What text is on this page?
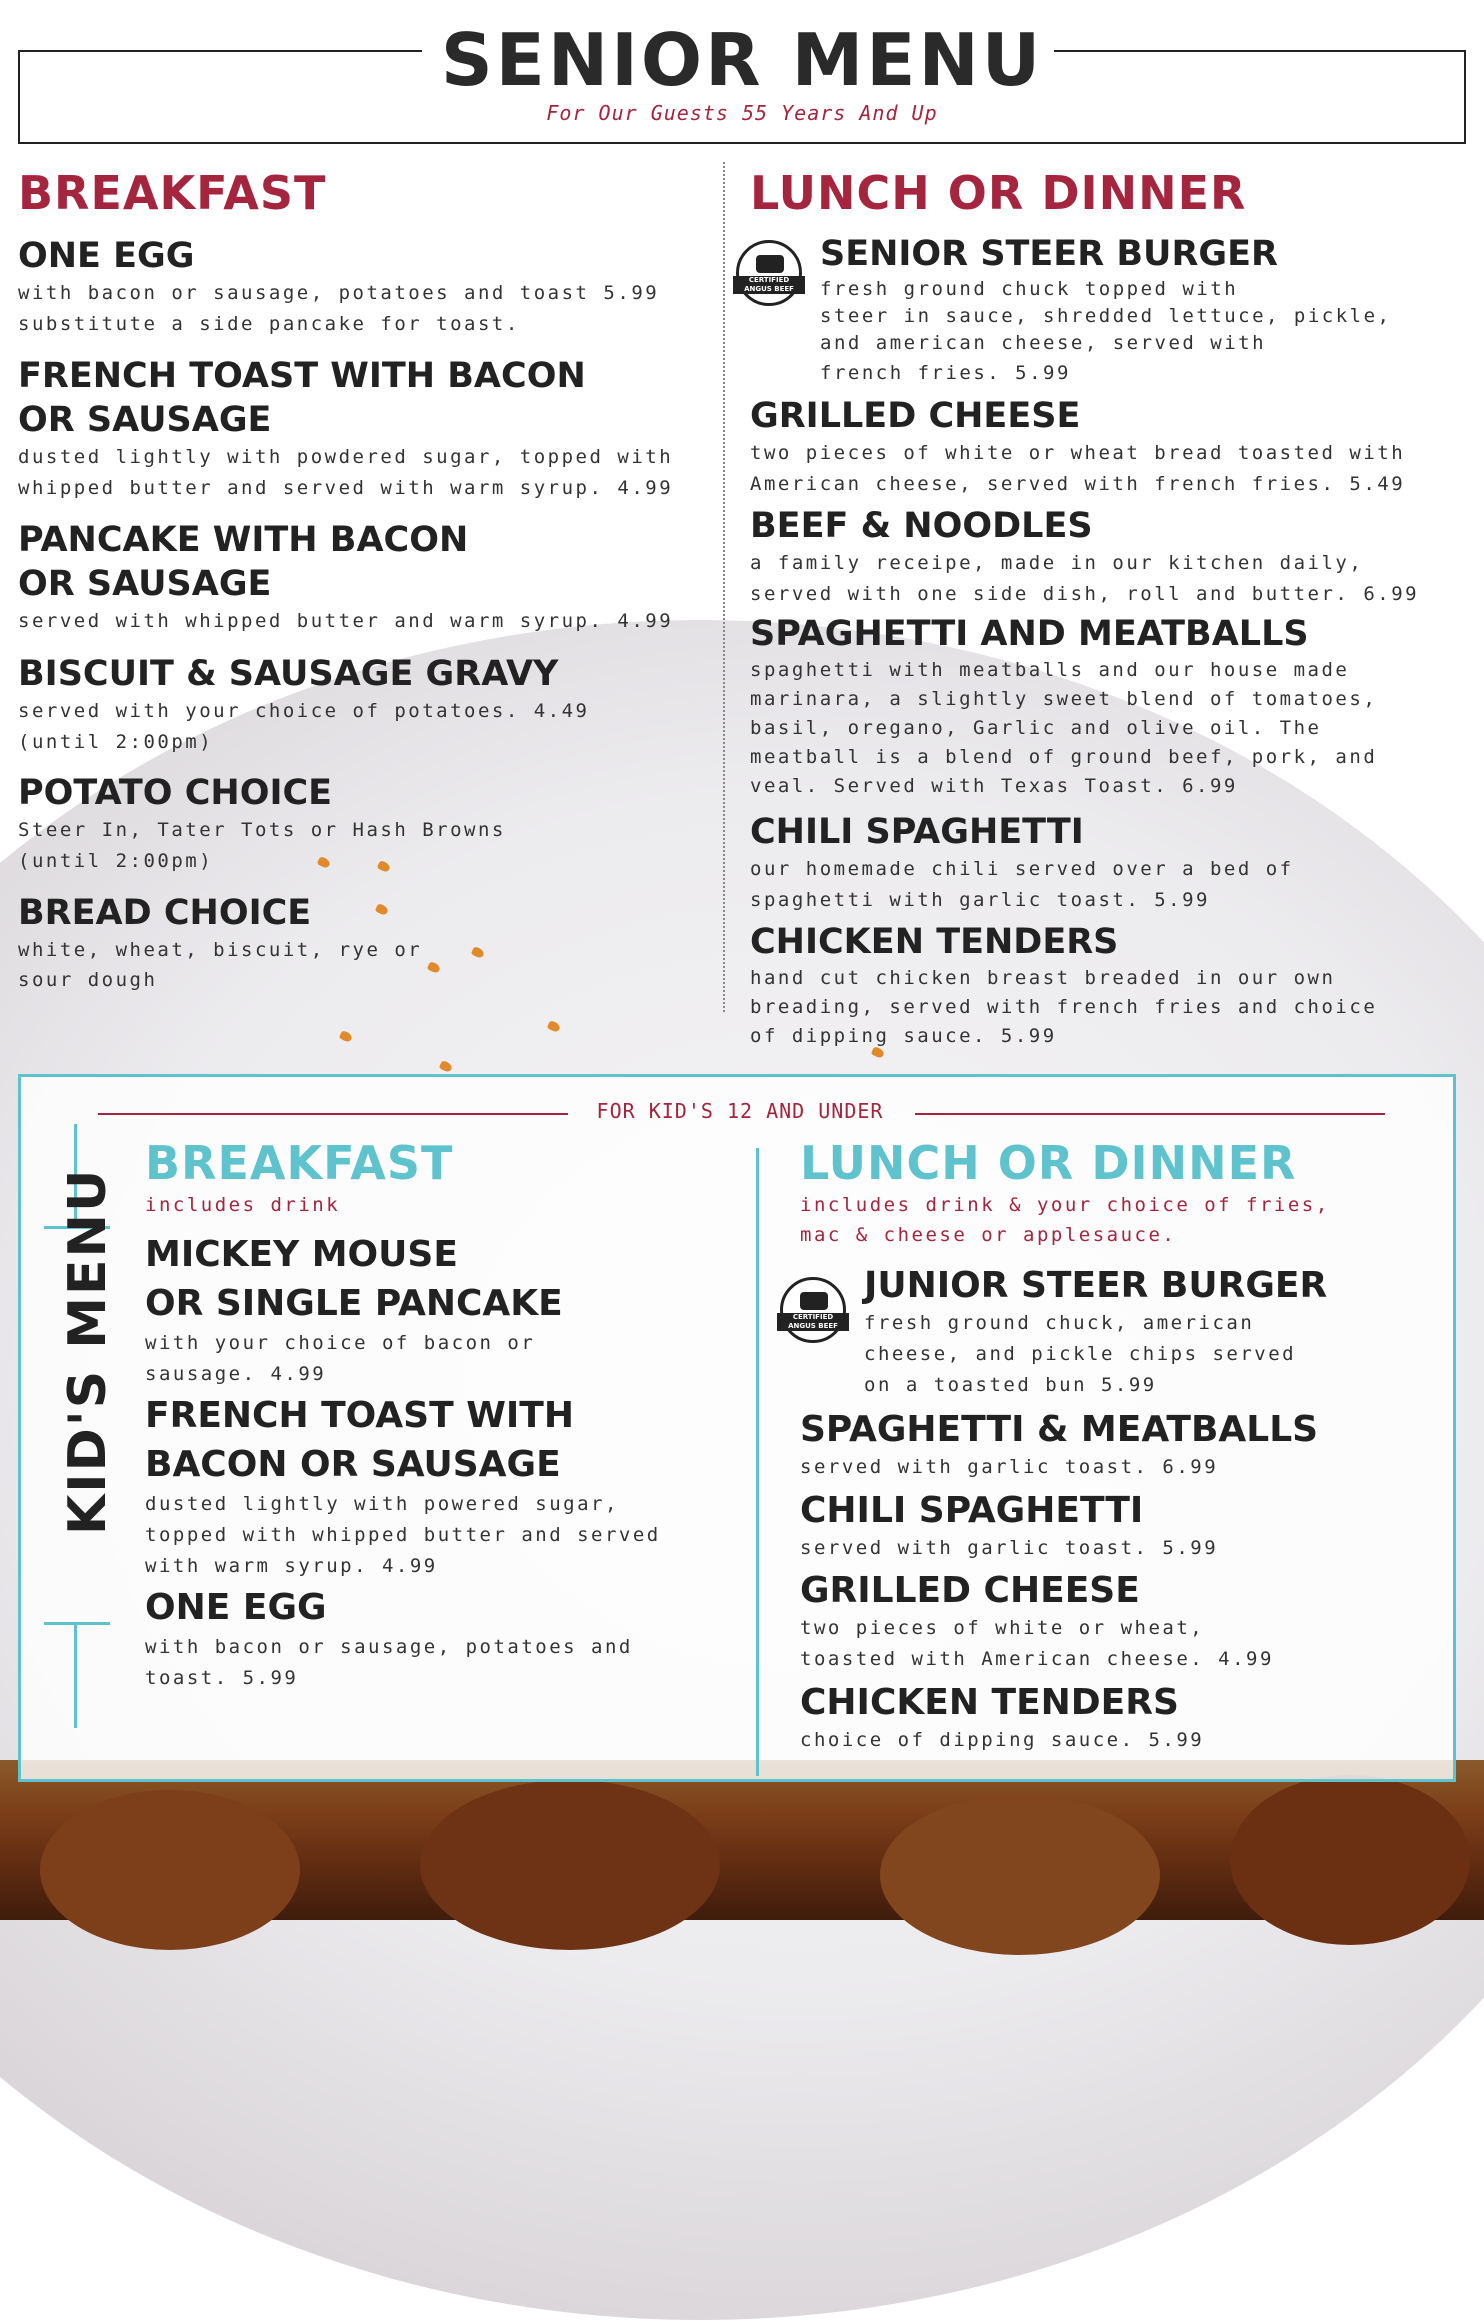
SENIOR MENU
For Our Guests 55 Years And Up
BREAKFAST

ONE EGG

with bacon or sausage, potatoes and toast 5.99

substitute a side pancake for toast.

FRENCH TOAST WITH BACON

OR SAUSAGE

dusted lightly with powdered sugar, topped with

whipped butter and served with warm syrup. 4.99

PANCAKE WITH BACON

OR SAUSAGE

served with whipped butter and warm syrup. 4.99

BISCUIT & SAUSAGE GRAVY

served with your choice of potatoes. 4.49

(until 2:00pm)

POTATO CHOICE

Steer In, Tater Tots or Hash Browns

(until 2:00pm)

BREAD CHOICE

white, wheat, biscuit, rye or

sour dough

LUNCH OR DINNER
CERTIFIED
ANGUS BEEF

SENIOR STEER BURGER

fresh ground chuck topped with

steer in sauce, shredded lettuce, pickle,

and american cheese, served with

french fries. 5.99

GRILLED CHEESE

two pieces of white or wheat bread toasted with

American cheese, served with french fries. 5.49

BEEF & NOODLES

a family receipe, made in our kitchen daily,

served with one side dish, roll and butter. 6.99

SPAGHETTI AND MEATBALLS

spaghetti with meatballs and our house made

marinara, a slightly sweet blend of tomatoes,

basil, oregano, Garlic and olive oil. The

meatball is a blend of ground beef, pork, and

veal. Served with Texas Toast. 6.99

CHILI SPAGHETTI

our homemade chili served over a bed of

spaghetti with garlic toast. 5.99

CHICKEN TENDERS

hand cut chicken breast breaded in our own

breading, served with french fries and choice

of dipping sauce. 5.99

FOR KID'S 12 AND UNDER
KID'S MENU
BREAKFAST

includes drink

MICKEY MOUSE

OR SINGLE PANCAKE

with your choice of bacon or

sausage. 4.99

FRENCH TOAST WITH

BACON OR SAUSAGE

dusted lightly with powered sugar,

topped with whipped butter and served

with warm syrup. 4.99

ONE EGG

with bacon or sausage, potatoes and

toast. 5.99

LUNCH OR DINNER

includes drink & your choice of fries,

mac & cheese or applesauce.

CERTIFIED
ANGUS BEEF

JUNIOR STEER BURGER

fresh ground chuck, american

cheese, and pickle chips served

on a toasted bun 5.99

SPAGHETTI & MEATBALLS

served with garlic toast. 6.99

CHILI SPAGHETTI

served with garlic toast. 5.99

GRILLED CHEESE

two pieces of white or wheat,

toasted with American cheese. 4.99

CHICKEN TENDERS

choice of dipping sauce. 5.99
